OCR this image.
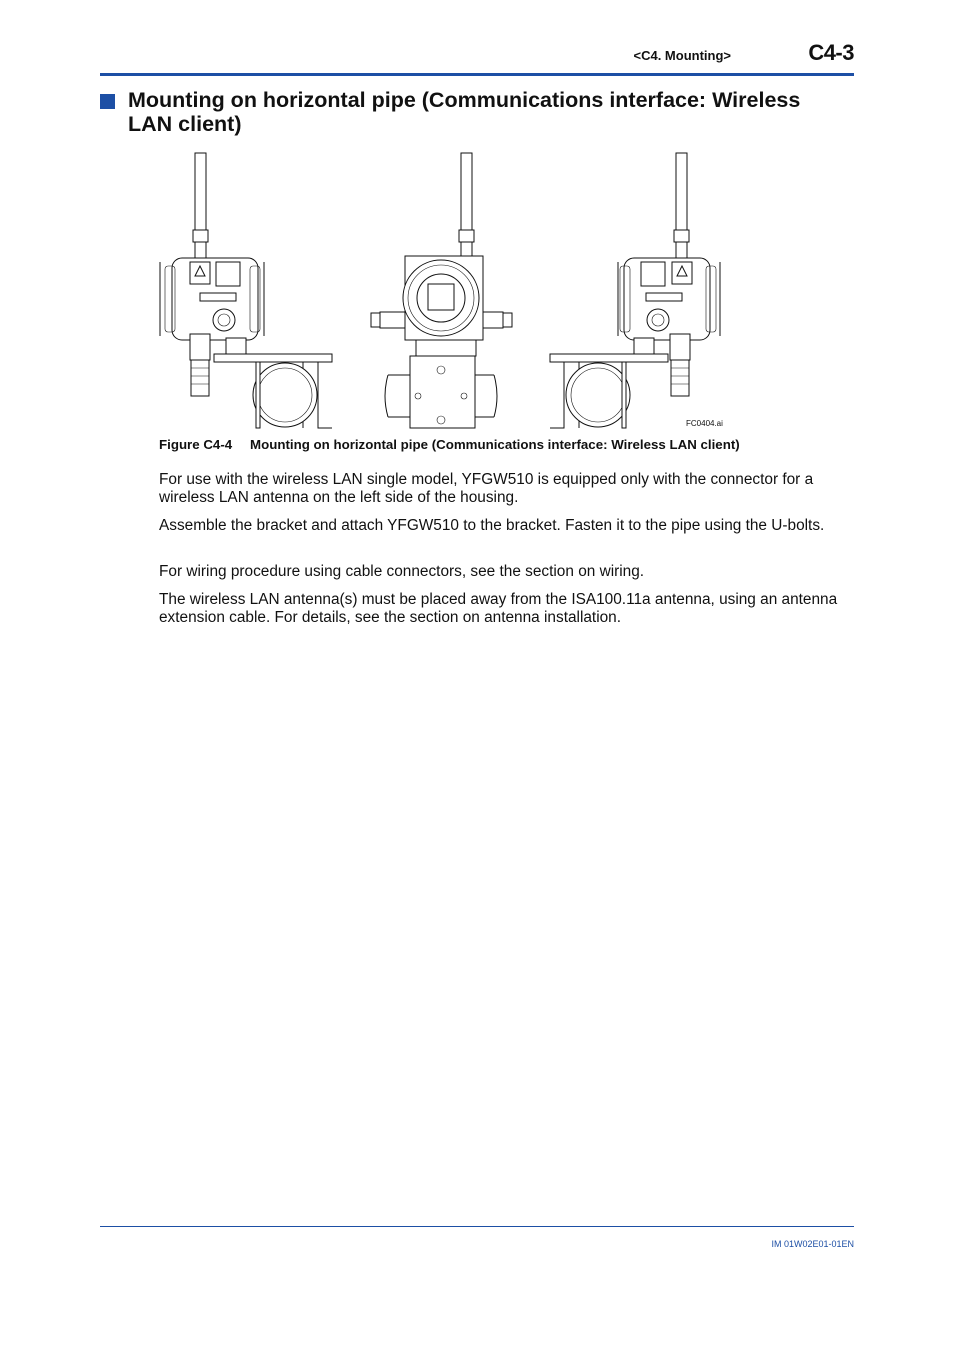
<C4. Mounting>	C4-3
Mounting on horizontal pipe (Communications interface: Wireless LAN client)
FC0404.ai
Figure C4-4 Mounting on horizontal pipe (Communications interface: Wireless LAN client)
For use with the wireless LAN single model, YFGW510 is equipped only with the connector for a wireless LAN antenna on the left side of the housing.
Assemble the bracket and attach YFGW510 to the bracket. Fasten it to the pipe using the U-bolts.
For wiring procedure using cable connectors, see the section on wiring.
The wireless LAN antenna(s) must be placed away from the ISA100.11a antenna, using an antenna extension cable. For details, see the section on antenna installation.
IM 01W02E01-01EN
